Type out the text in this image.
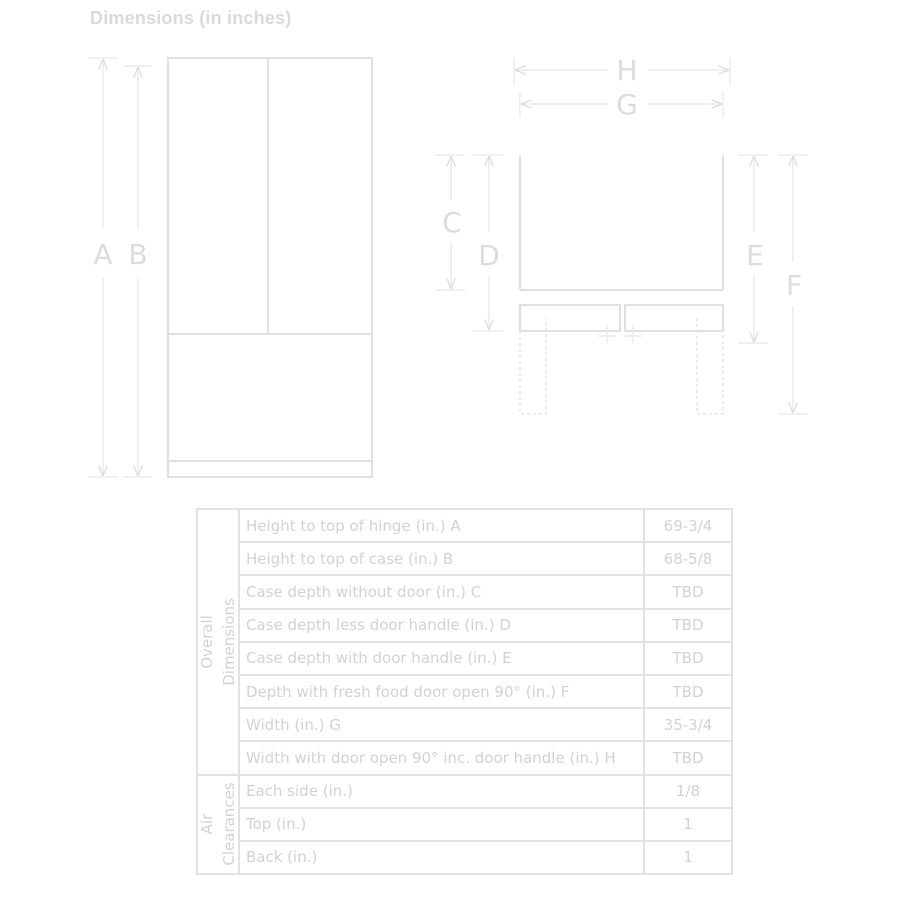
Dimensions (in inches)
A B
H
G
C
D	E
F
Overall Dimensions	Height to top of hinge (in.) A	69-3/4
	Height to top of case (in.) B	68-5/8
	Case depth without door (in.) C	TBD
	Case depth less door handle (in.) D	TBD
	Case depth with door handle (in.) E	TBD
	Depth with fresh food door open 90° (in.) F	TBD
	Width (in.) G	35-3/4
	Width with door open 90° inc. door handle (in.) H	TBD

Air Clearances	Each side (in.)	1/8
	Top (in.)	1
	Back (in.)	1
